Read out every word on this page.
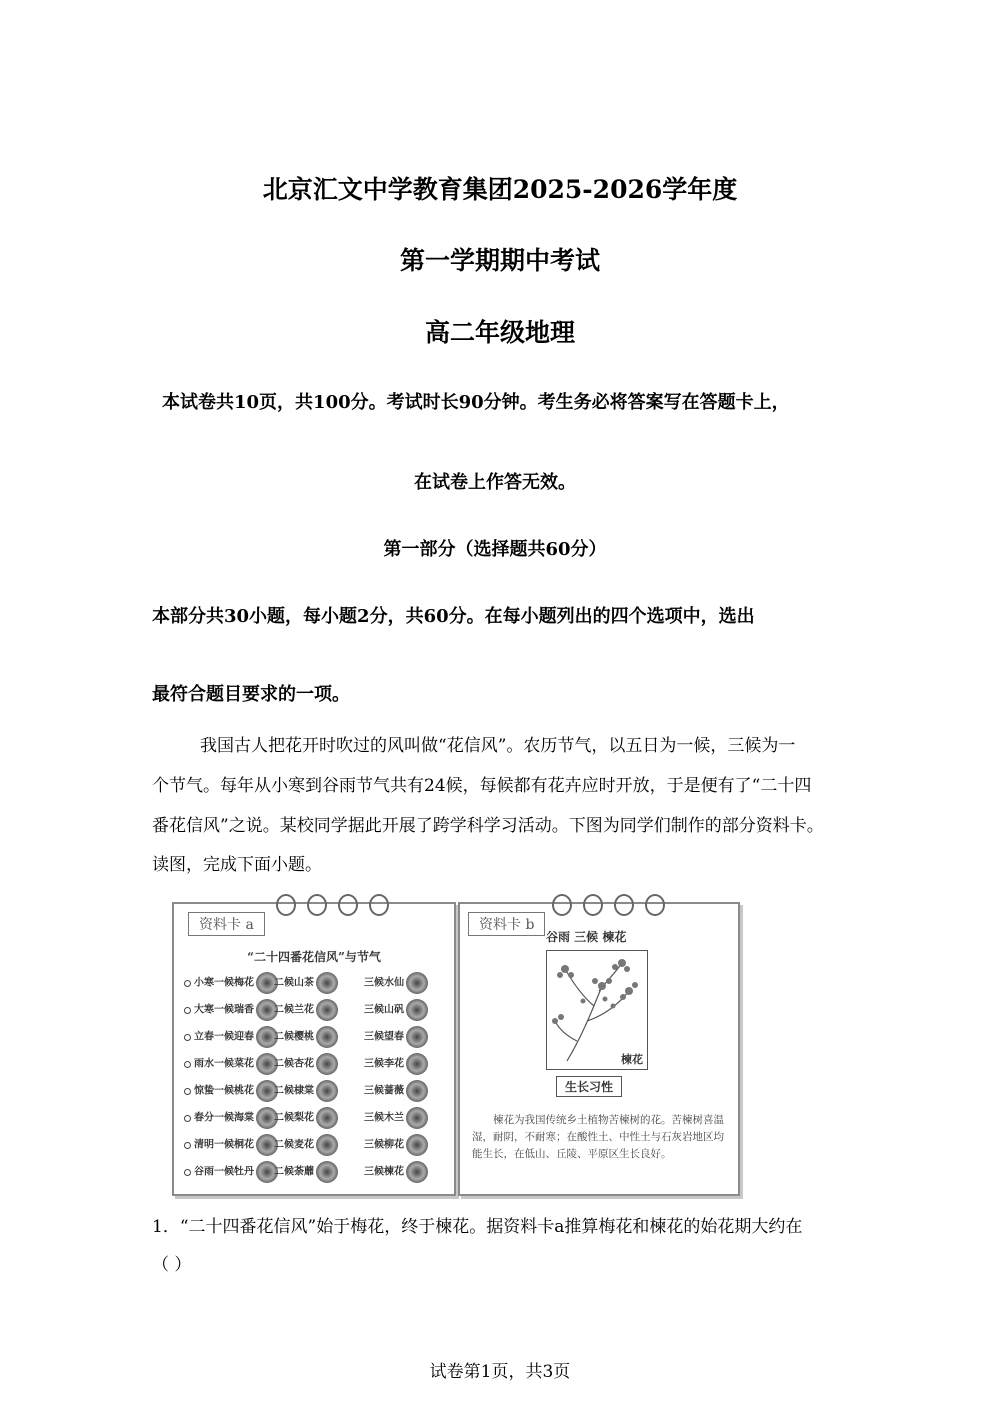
北京汇文中学教育集团2025-2026学年度
第一学期期中考试
高二年级地理
本试卷共10页，共100分。考试时长90分钟。考生务必将答案写在答题卡上，
在试卷上作答无效。
第一部分（选择题共60分）
本部分共30小题，每小题2分，共60分。在每小题列出的四个选项中，选出
最符合题目要求的一项。
我国古人把花开时吹过的风叫做“花信风”。农历节气，以五日为一候，三候为一
个节气。每年从小寒到谷雨节气共有24候，每候都有花卉应时开放，于是便有了“二十四
番花信风”之说。某校同学据此开展了跨学科学习活动。下图为同学们制作的部分资料卡。
读图，完成下面小题。
资料卡 a
“二十四番花信风”与节气
小寒一候梅花 二候山茶	三候水仙
大寒一候瑞香 二候兰花	三候山矾
立春一候迎春 二候樱桃	三候望春
雨水一候菜花 二候杏花	三候李花
惊蛰一候桃花 二候棣棠	三候蔷薇
春分一候海棠 二候梨花	三候木兰
清明一候桐花 二候麦花	三候柳花
谷雨一候牡丹 二候荼蘼	三候楝花
资料卡 b
谷雨 三候 楝花
楝花
生长习性
楝花为我国传统乡土植物苦楝树的花。苦楝树喜温湿，耐阴，不耐寒；在酸性土、中性土与石灰岩地区均能生长，在低山、丘陵、平原区生长良好。
1．“二十四番花信风”始于梅花，终于楝花。据资料卡a推算梅花和楝花的始花期大约在
（ ）
试卷第1页，共3页
